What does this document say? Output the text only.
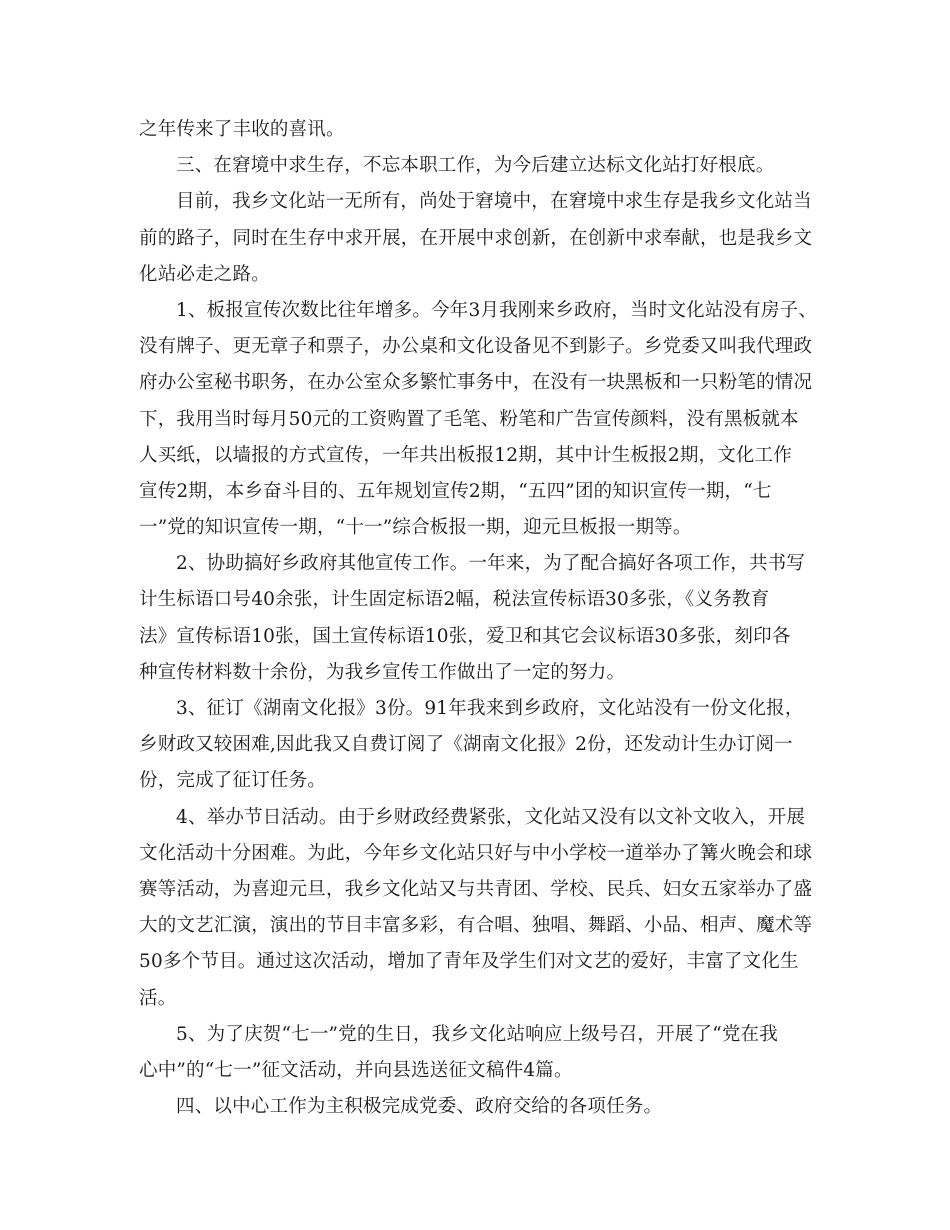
之年传来了丰收的喜讯。
三、在窘境中求生存，不忘本职工作，为今后建立达标文化站打好根底。
目前，我乡文化站一无所有，尚处于窘境中，在窘境中求生存是我乡文化站当
前的路子，同时在生存中求开展，在开展中求创新，在创新中求奉献，也是我乡文
化站必走之路。
1、板报宣传次数比往年增多。今年3月我刚来乡政府，当时文化站没有房子、
没有牌子、更无章子和票子，办公桌和文化设备见不到影子。乡党委又叫我代理政
府办公室秘书职务，在办公室众多繁忙事务中，在没有一块黑板和一只粉笔的情况
下，我用当时每月50元的工资购置了毛笔、粉笔和广告宣传颜料，没有黑板就本
人买纸，以墙报的方式宣传，一年共出板报12期，其中计生板报2期，文化工作
宣传2期，本乡奋斗目的、五年规划宣传2期，“五四”团的知识宣传一期，“七
一”党的知识宣传一期，“十一”综合板报一期，迎元旦板报一期等。
2、协助搞好乡政府其他宣传工作。一年来，为了配合搞好各项工作，共书写
计生标语口号40余张，计生固定标语2幅，税法宣传标语30多张，《义务教育
法》宣传标语10张，国土宣传标语10张，爱卫和其它会议标语30多张，刻印各
种宣传材料数十余份，为我乡宣传工作做出了一定的努力。
3、征订《湖南文化报》3份。91年我来到乡政府，文化站没有一份文化报，
乡财政又较困难,因此我又自费订阅了《湖南文化报》2份，还发动计生办订阅一
份，完成了征订任务。
4、举办节日活动。由于乡财政经费紧张，文化站又没有以文补文收入，开展
文化活动十分困难。为此，今年乡文化站只好与中小学校一道举办了篝火晚会和球
赛等活动，为喜迎元旦，我乡文化站又与共青团、学校、民兵、妇女五家举办了盛
大的文艺汇演，演出的节目丰富多彩，有合唱、独唱、舞蹈、小品、相声、魔术等
50多个节目。通过这次活动，增加了青年及学生们对文艺的爱好，丰富了文化生
活。
5、为了庆贺“七一”党的生日，我乡文化站响应上级号召，开展了“党在我
心中”的“七一”征文活动，并向县选送征文稿件4篇。
四、以中心工作为主积极完成党委、政府交给的各项任务。
